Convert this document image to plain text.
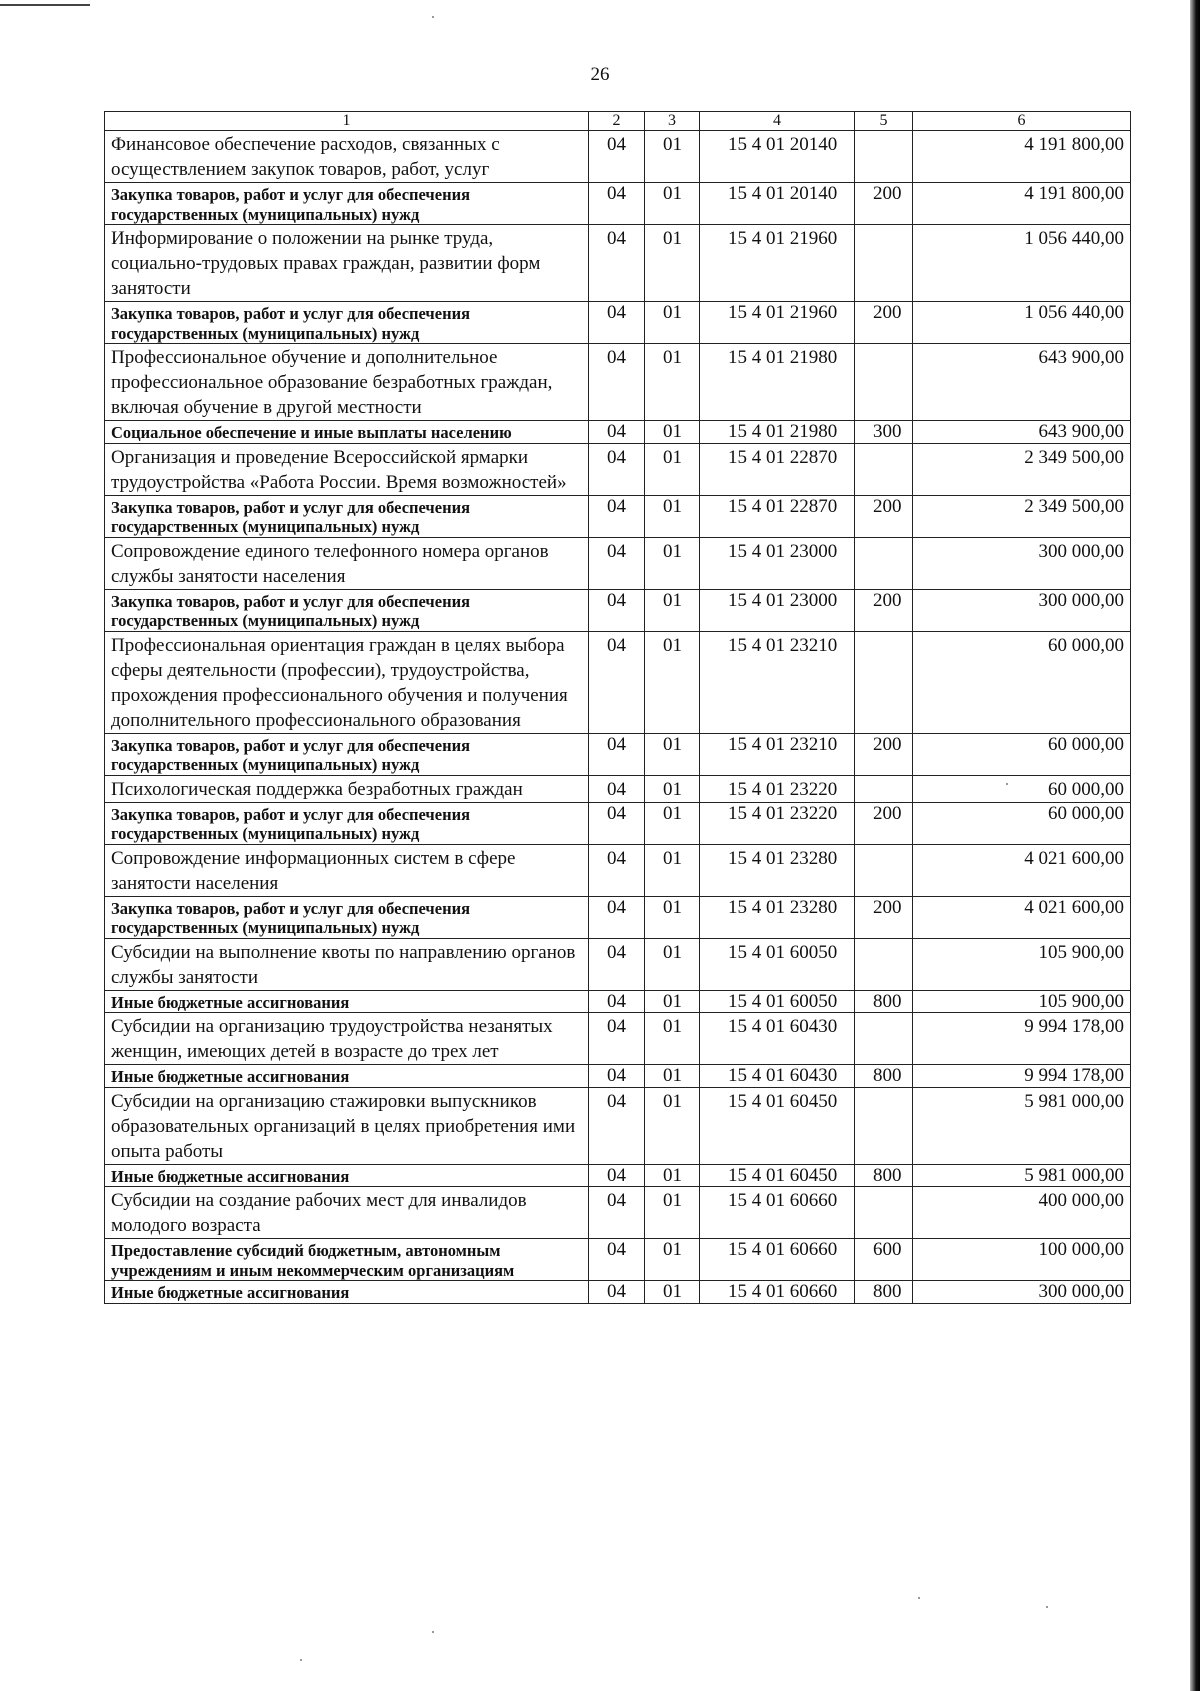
26
1	2	3	4	5	6
Финансовое обеспечение расходов, связанных с осуществлением закупок товаров, работ, услуг	04	01	15 4 01 20140		4 191 800,00
Закупка товаров, работ и услуг для обеспечения государственных (муниципальных) нужд	04	01	15 4 01 20140	200	4 191 800,00
Информирование о положении на рынке труда, социально-трудовых правах граждан, развитии форм занятости	04	01	15 4 01 21960		1 056 440,00
Закупка товаров, работ и услуг для обеспечения государственных (муниципальных) нужд	04	01	15 4 01 21960	200	1 056 440,00
Профессиональное обучение и дополнительное профессиональное образование безработных граждан, включая обучение в другой местности	04	01	15 4 01 21980		643 900,00
Социальное обеспечение и иные выплаты населению	04	01	15 4 01 21980	300	643 900,00
Организация и проведение Всероссийской ярмарки трудоустройства «Работа России. Время возможностей»	04	01	15 4 01 22870		2 349 500,00
Закупка товаров, работ и услуг для обеспечения государственных (муниципальных) нужд	04	01	15 4 01 22870	200	2 349 500,00
Сопровождение единого телефонного номера органов службы занятости населения	04	01	15 4 01 23000		300 000,00
Закупка товаров, работ и услуг для обеспечения государственных (муниципальных) нужд	04	01	15 4 01 23000	200	300 000,00
Профессиональная ориентация граждан в целях выбора сферы деятельности (профессии), трудоустройства, прохождения профессионального обучения и получения дополнительного профессионального образования	04	01	15 4 01 23210		60 000,00
Закупка товаров, работ и услуг для обеспечения государственных (муниципальных) нужд	04	01	15 4 01 23210	200	60 000,00
Психологическая поддержка безработных граждан	04	01	15 4 01 23220		60 000,00
Закупка товаров, работ и услуг для обеспечения государственных (муниципальных) нужд	04	01	15 4 01 23220	200	60 000,00
Сопровождение информационных систем в сфере занятости населения	04	01	15 4 01 23280		4 021 600,00
Закупка товаров, работ и услуг для обеспечения государственных (муниципальных) нужд	04	01	15 4 01 23280	200	4 021 600,00
Субсидии на выполнение квоты по направлению органов службы занятости	04	01	15 4 01 60050		105 900,00
Иные бюджетные ассигнования	04	01	15 4 01 60050	800	105 900,00
Субсидии на организацию трудоустройства незанятых женщин, имеющих детей в возрасте до трех лет	04	01	15 4 01 60430		9 994 178,00
Иные бюджетные ассигнования	04	01	15 4 01 60430	800	9 994 178,00
Субсидии на организацию стажировки выпускников образовательных организаций в целях приобретения ими опыта работы	04	01	15 4 01 60450		5 981 000,00
Иные бюджетные ассигнования	04	01	15 4 01 60450	800	5 981 000,00
Субсидии на создание рабочих мест для инвалидов молодого возраста	04	01	15 4 01 60660		400 000,00
Предоставление субсидий бюджетным, автономным учреждениям и иным некоммерческим организациям	04	01	15 4 01 60660	600	100 000,00
Иные бюджетные ассигнования	04	01	15 4 01 60660	800	300 000,00
